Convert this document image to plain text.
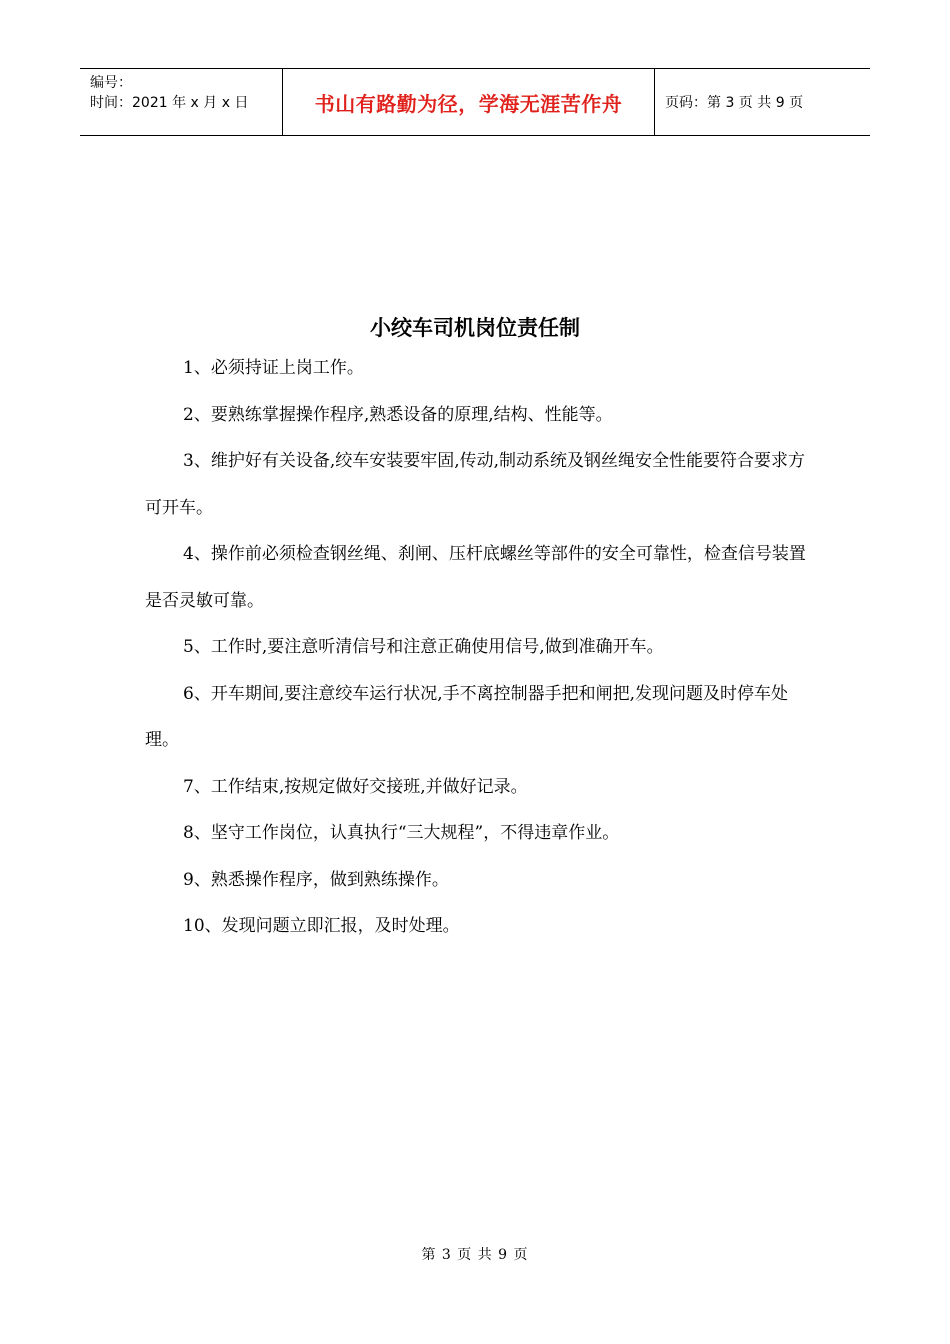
编号：
时间：2021 年 x 月 x 日	书山有路勤为径，学海无涯苦作舟	页码：第 3 页 共 9 页
小绞车司机岗位责任制

1、必须持证上岗工作。

2、要熟练掌握操作程序,熟悉设备的原理,结构、性能等。

3、维护好有关设备,绞车安装要牢固,传动,制动系统及钢丝绳安全性能要符合要求方可开车。

4、操作前必须检查钢丝绳、刹闸、压杆底螺丝等部件的安全可靠性，检查信号装置是否灵敏可靠。

5、工作时,要注意听清信号和注意正确使用信号,做到准确开车。

6、开车期间,要注意绞车运行状况,手不离控制器手把和闸把,发现问题及时停车处理。

7、工作结束,按规定做好交接班,并做好记录。

8、坚守工作岗位，认真执行“三大规程”，不得违章作业。

9、熟悉操作程序，做到熟练操作。

10、发现问题立即汇报，及时处理。

第 3 页 共 9 页
